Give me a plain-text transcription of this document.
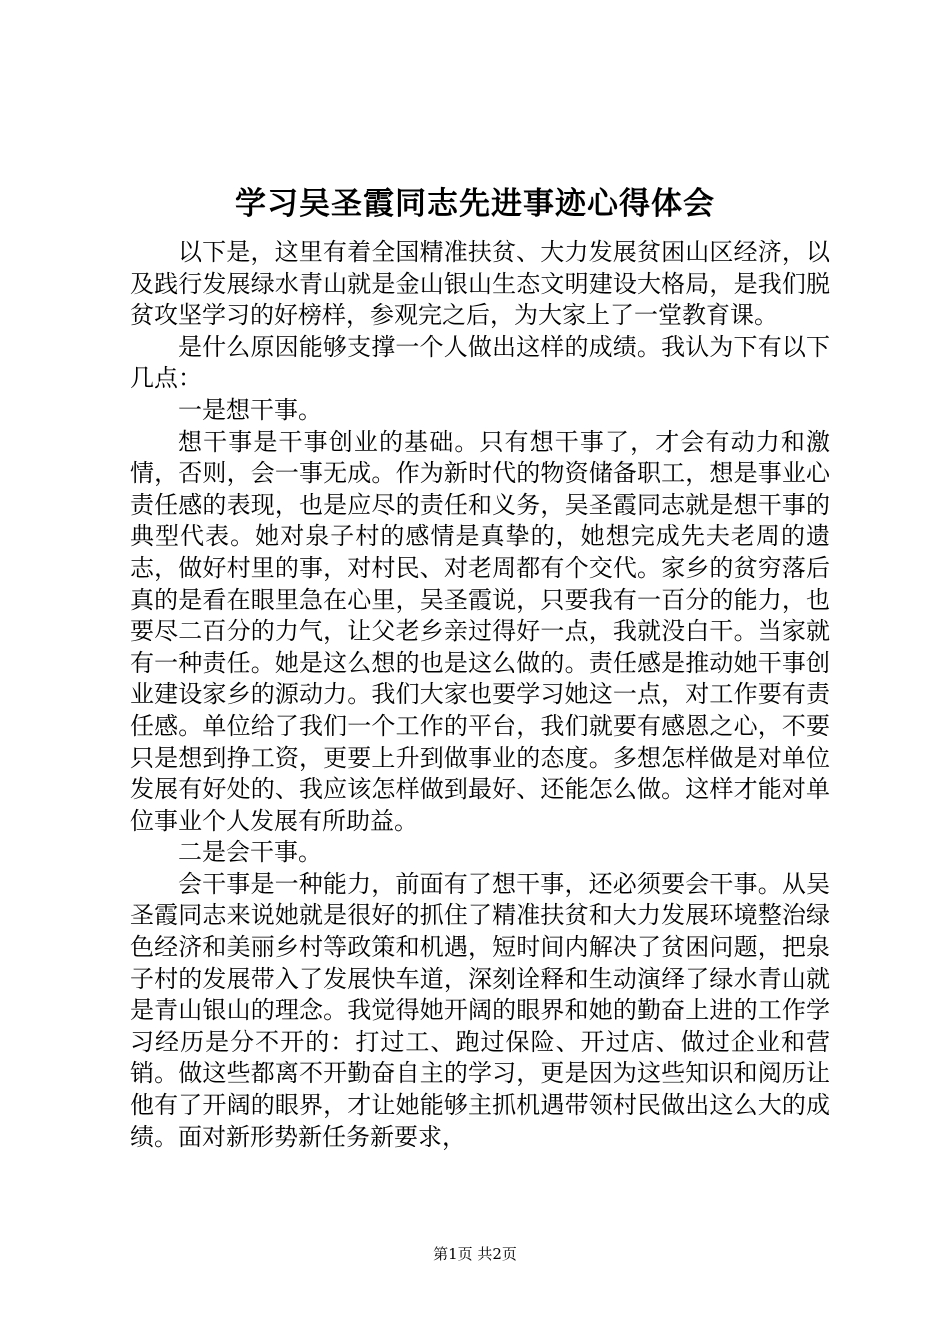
学习吴圣霞同志先进事迹心得体会

以下是，这里有着全国精准扶贫、大力发展贫困山区经济，以及践行发展绿水青山就是金山银山生态文明建设大格局，是我们脱贫攻坚学习的好榜样，参观完之后，为大家上了一堂教育课。

是什么原因能够支撑一个人做出这样的成绩。我认为下有以下几点：

一是想干事。

想干事是干事创业的基础。只有想干事了，才会有动力和激情，否则，会一事无成。作为新时代的物资储备职工，想是事业心责任感的表现，也是应尽的责任和义务，吴圣霞同志就是想干事的典型代表。她对泉子村的感情是真挚的，她想完成先夫老周的遗志，做好村里的事，对村民、对老周都有个交代。家乡的贫穷落后真的是看在眼里急在心里，吴圣霞说，只要我有一百分的能力，也要尽二百分的力气，让父老乡亲过得好一点，我就没白干。当家就有一种责任。她是这么想的也是这么做的。责任感是推动她干事创业建设家乡的源动力。我们大家也要学习她这一点，对工作要有责任感。单位给了我们一个工作的平台，我们就要有感恩之心，不要只是想到挣工资，更要上升到做事业的态度。多想怎样做是对单位发展有好处的、我应该怎样做到最好、还能怎么做。这样才能对单位事业个人发展有所助益。

二是会干事。

会干事是一种能力，前面有了想干事，还必须要会干事。从吴圣霞同志来说她就是很好的抓住了精准扶贫和大力发展环境整治绿色经济和美丽乡村等政策和机遇，短时间内解决了贫困问题，把泉子村的发展带入了发展快车道，深刻诠释和生动演绎了绿水青山就是青山银山的理念。我觉得她开阔的眼界和她的勤奋上进的工作学习经历是分不开的：打过工、跑过保险、开过店、做过企业和营销。做这些都离不开勤奋自主的学习，更是因为这些知识和阅历让他有了开阔的眼界，才让她能够主抓机遇带领村民做出这么大的成绩。面对新形势新任务新要求，

第1页 共2页
